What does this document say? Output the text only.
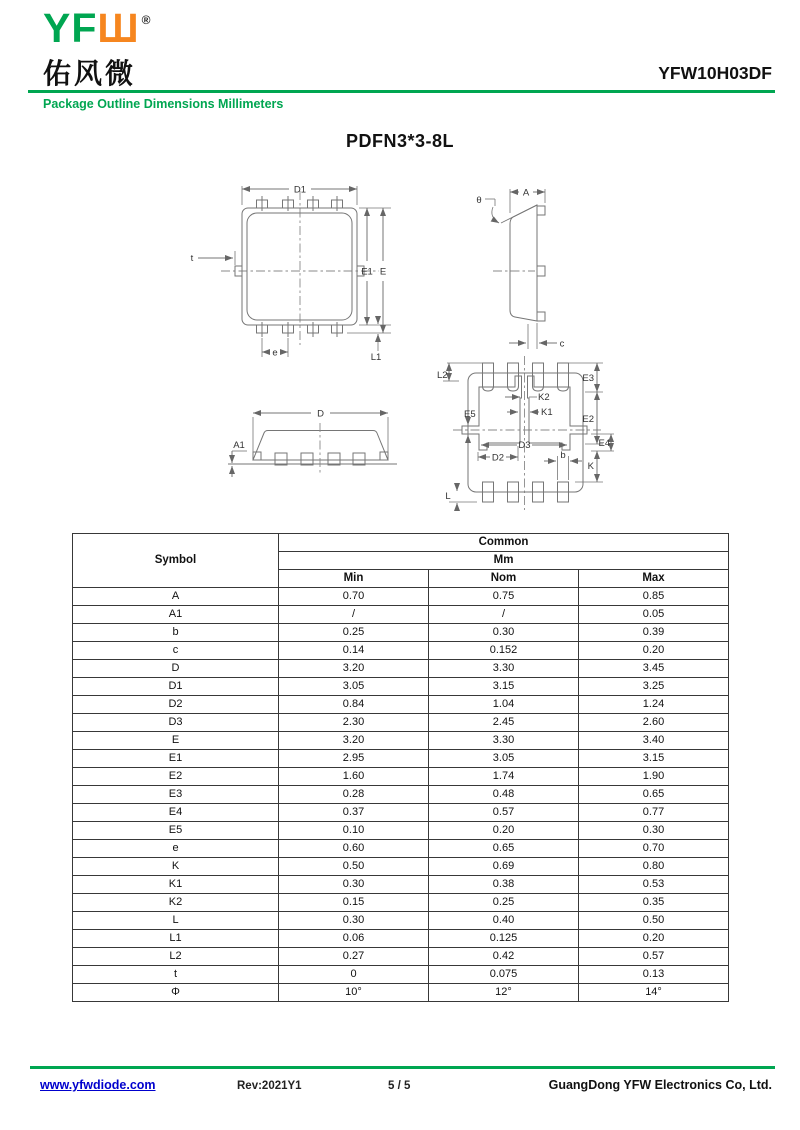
YFШ ®
佑风微	YFW10H03DF
Package Outline Dimensions Millimeters
PDFN3*3-8L
D1
E1 E
t
e	L1
A
θ
c
D
A1
L2	E3
E2
E4
K
K2
K1
D3
D2	b
E5
L
Symbol	Common		
	Mm		
	Min	Nom	Max
A	0.70	0.75	0.85
A1	/	/	0.05
b	0.25	0.30	0.39
c	0.14	0.152	0.20
D	3.20	3.30	3.45
D1	3.05	3.15	3.25
D2	0.84	1.04	1.24
D3	2.30	2.45	2.60
E	3.20	3.30	3.40
E1	2.95	3.05	3.15
E2	1.60	1.74	1.90
E3	0.28	0.48	0.65
E4	0.37	0.57	0.77
E5	0.10	0.20	0.30
e	0.60	0.65	0.70
K	0.50	0.69	0.80
K1	0.30	0.38	0.53
K2	0.15	0.25	0.35
L	0.30	0.40	0.50
L1	0.06	0.125	0.20
L2	0.27	0.42	0.57
t	0	0.075	0.13
Φ	10°	12°	14°
www.yfwdiode.com	Rev:2021Y1	5 / 5	GuangDong YFW Electronics Co, Ltd.
